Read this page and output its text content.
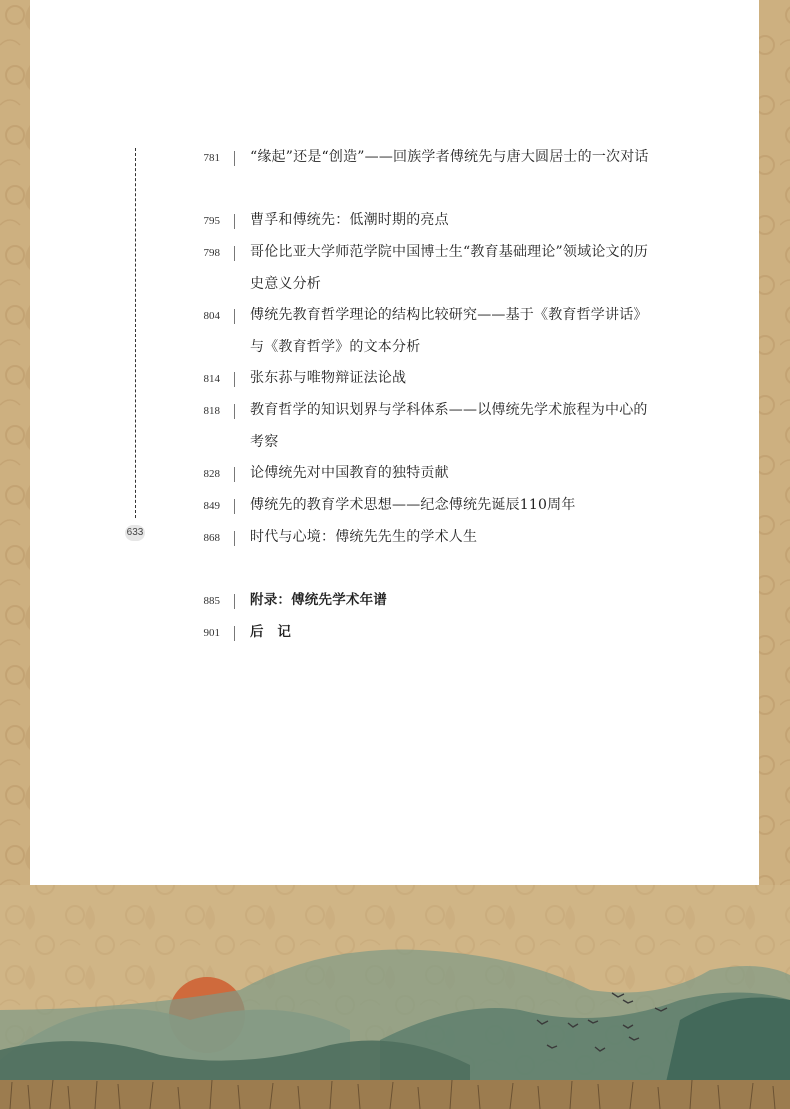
633
781 “缘起”还是“创造”——回族学者傅统先与唐大圆居士的一次对话
795 曹孚和傅统先：低潮时期的亮点
798 哥伦比亚大学师范学院中国博士生“教育基础理论”领域论文的历史意义分析
804 傅统先教育哲学理论的结构比较研究——基于《教育哲学讲话》与《教育哲学》的文本分析
814 张东荪与唯物辩证法论战
818 教育哲学的知识划界与学科体系——以傅统先学术旅程为中心的考察
828 论傅统先对中国教育的独特贡献
849 傅统先的教育学术思想——纪念傅统先诞辰110周年
868 时代与心境：傅统先先生的学术人生
885 附录：傅统先学术年谱
901 后　记
